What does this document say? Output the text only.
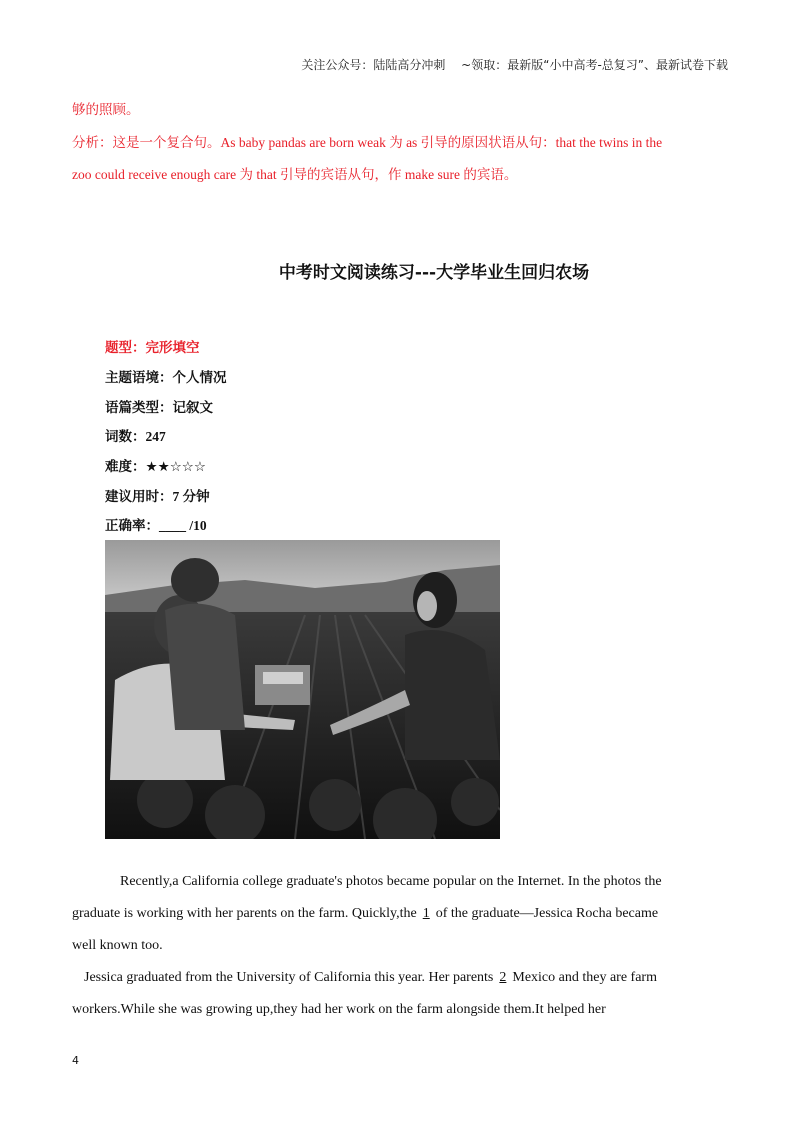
关注公众号：陆陆高分冲刺 ~领取：最新版“小中高考-总复习”、最新试卷下载
够的照顾。
分析：这是一个复合句。As baby pandas are born weak 为 as 引导的原因状语从句：that the twins in the
zoo could receive enough care 为 that 引导的宾语从句，作 make sure 的宾语。
中考时文阅读练习---大学毕业生回归农场
题型：完形填空
主题语境：个人情况
语篇类型：记叙文
词数：247
难度：★★☆☆☆
建议用时：7 分钟
正确率：____ /10
Recently,a California college graduate's photos became popular on the Internet. In the photos the
graduate is working with her parents on the farm. Quickly,the 1 of the graduate—Jessica Rocha became
well known too.
Jessica graduated from the University of California this year. Her parents 2 Mexico and they are farm
workers.While she was growing up,they had her work on the farm alongside them.It helped her
4
